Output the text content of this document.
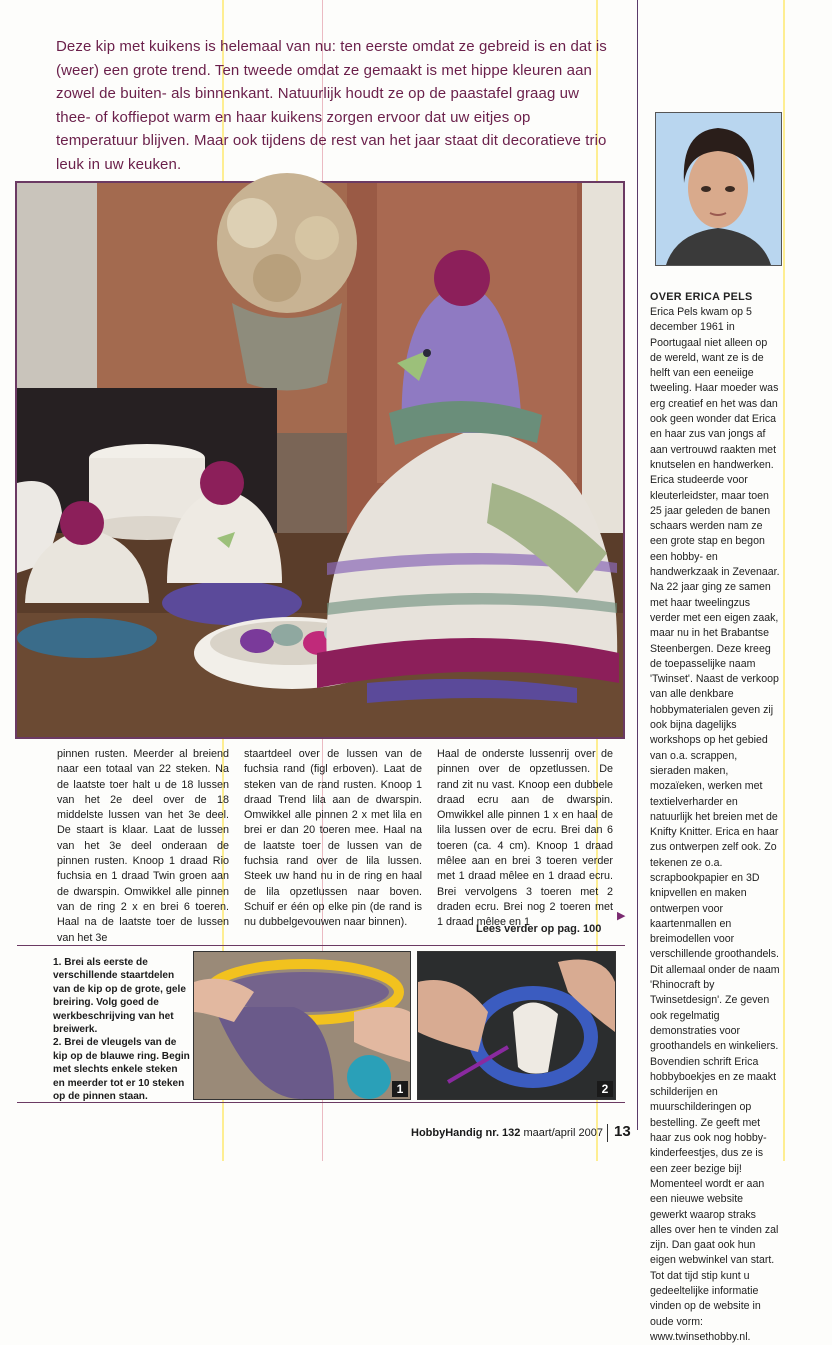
Deze kip met kuikens is helemaal van nu: ten eerste omdat ze gebreid is en dat is (weer) een grote trend. Ten tweede omdat ze gemaakt is met hippe kleuren aan zowel de buiten- als binnenkant. Natuurlijk houdt ze op de paastafel graag uw thee- of koffiepot warm en haar kuikens zorgen ervoor dat uw eitjes op temperatuur blijven. Maar ook tijdens de rest van het jaar staat dit decoratieve trio leuk in uw keuken.

pinnen rusten. Meerder al breiend naar een totaal van 22 steken. Na de laatste toer halt u de 18 lussen van het 2e deel over de 18 middelste lussen van het 3e deel. De staart is klaar. Laat de lussen van het 3e deel onderaan de pinnen rusten. Knoop 1 draad Rio fuchsia en 1 draad Twin groen aan de dwarspin. Omwikkel alle pinnen van de ring 2 x en brei 6 toeren. Haal na de laatste toer de lussen van het 3e

staartdeel over de lussen van de fuchsia rand (figl erboven). Laat de steken van de rand rusten. Knoop 1 draad Trend lila aan de dwarspin. Omwikkel alle pinnen 2 x met lila en brei er dan 20 toeren mee. Haal na de laatste toer de lussen van de fuchsia rand over de lila lussen. Steek uw hand nu in de ring en haal de lila opzetlussen naar boven. Schuif er één op elke pin (de rand is nu dubbelgevouwen naar binnen).

Haal de onderste lussenrij over de pinnen over de opzetlussen. De rand zit nu vast. Knoop een dubbele draad ecru aan de dwarspin. Omwikkel alle pinnen 1 x en haal de lila lussen over de ecru. Brei dan 6 toeren (ca. 4 cm). Knoop 1 draad mêlee aan en brei 3 toeren verder met 1 draad mêlee en 1 draad ecru. Brei vervolgens 3 toeren met 2 draden ecru. Brei nog 2 toeren met 1 draad mêlee en 1

▶
Lees verder op pag. 100

1. Brei als eerste de verschillende staartdelen van de kip op de grote, gele breiring. Volg goed de werkbeschrijving van het breiwerk.

2. Brei de vleugels van de kip op de blauwe ring. Begin met slechts enkele steken en meerder tot er 10 steken op de pinnen staan.

1	2
OVER ERICA PELS

Erica Pels kwam op 5 december 1961 in Poortugaal niet alleen op de wereld, want ze is de helft van een eeneiige tweeling. Haar moeder was erg creatief en het was dan ook geen wonder dat Erica en haar zus van jongs af aan vertrouwd raakten met knutselen en handwerken. Erica studeerde voor kleuterleidster, maar toen 25 jaar geleden de banen schaars werden nam ze een grote stap en begon een hobby- en handwerkzaak in Zevenaar. Na 22 jaar ging ze samen met haar tweelingzus verder met een eigen zaak, maar nu in het Brabantse Steenbergen. Deze kreeg de toepasselijke naam 'Twinset'. Naast de verkoop van alle denkbare hobbymaterialen geven zij ook bijna dagelijks workshops op het gebied van o.a. scrappen, sieraden maken, mozaïeken, werken met textielverharder en natuurlijk het breien met de Knifty Knitter. Erica en haar zus ontwerpen zelf ook. Zo tekenen ze o.a. scrapbookpapier en 3D knipvellen en maken ontwerpen voor kaartenmallen en breimodellen voor verschillende groothandels. Dit allemaal onder de naam 'Rhinocraft by Twinsetdesign'. Ze geven ook regelmatig demonstraties voor groothandels en winkeliers. Bovendien schrift Erica hobbyboekjes en ze maakt schilderijen en muurschilderingen op bestelling. Ze geeft met haar zus ook nog hobby-kinderfeestjes, dus ze is een zeer bezige bij! Momenteel wordt er aan een nieuwe website gewerkt waarop straks alles over hen te vinden zal zijn. Dan gaat ook hun eigen webwinkel van start. Tot dat tijd stip kunt u gedeeltelijke informatie vinden op de website in oude vorm: www.twinsethobby.nl.

HobbyHandig nr. 132 maart/april 2007 13
